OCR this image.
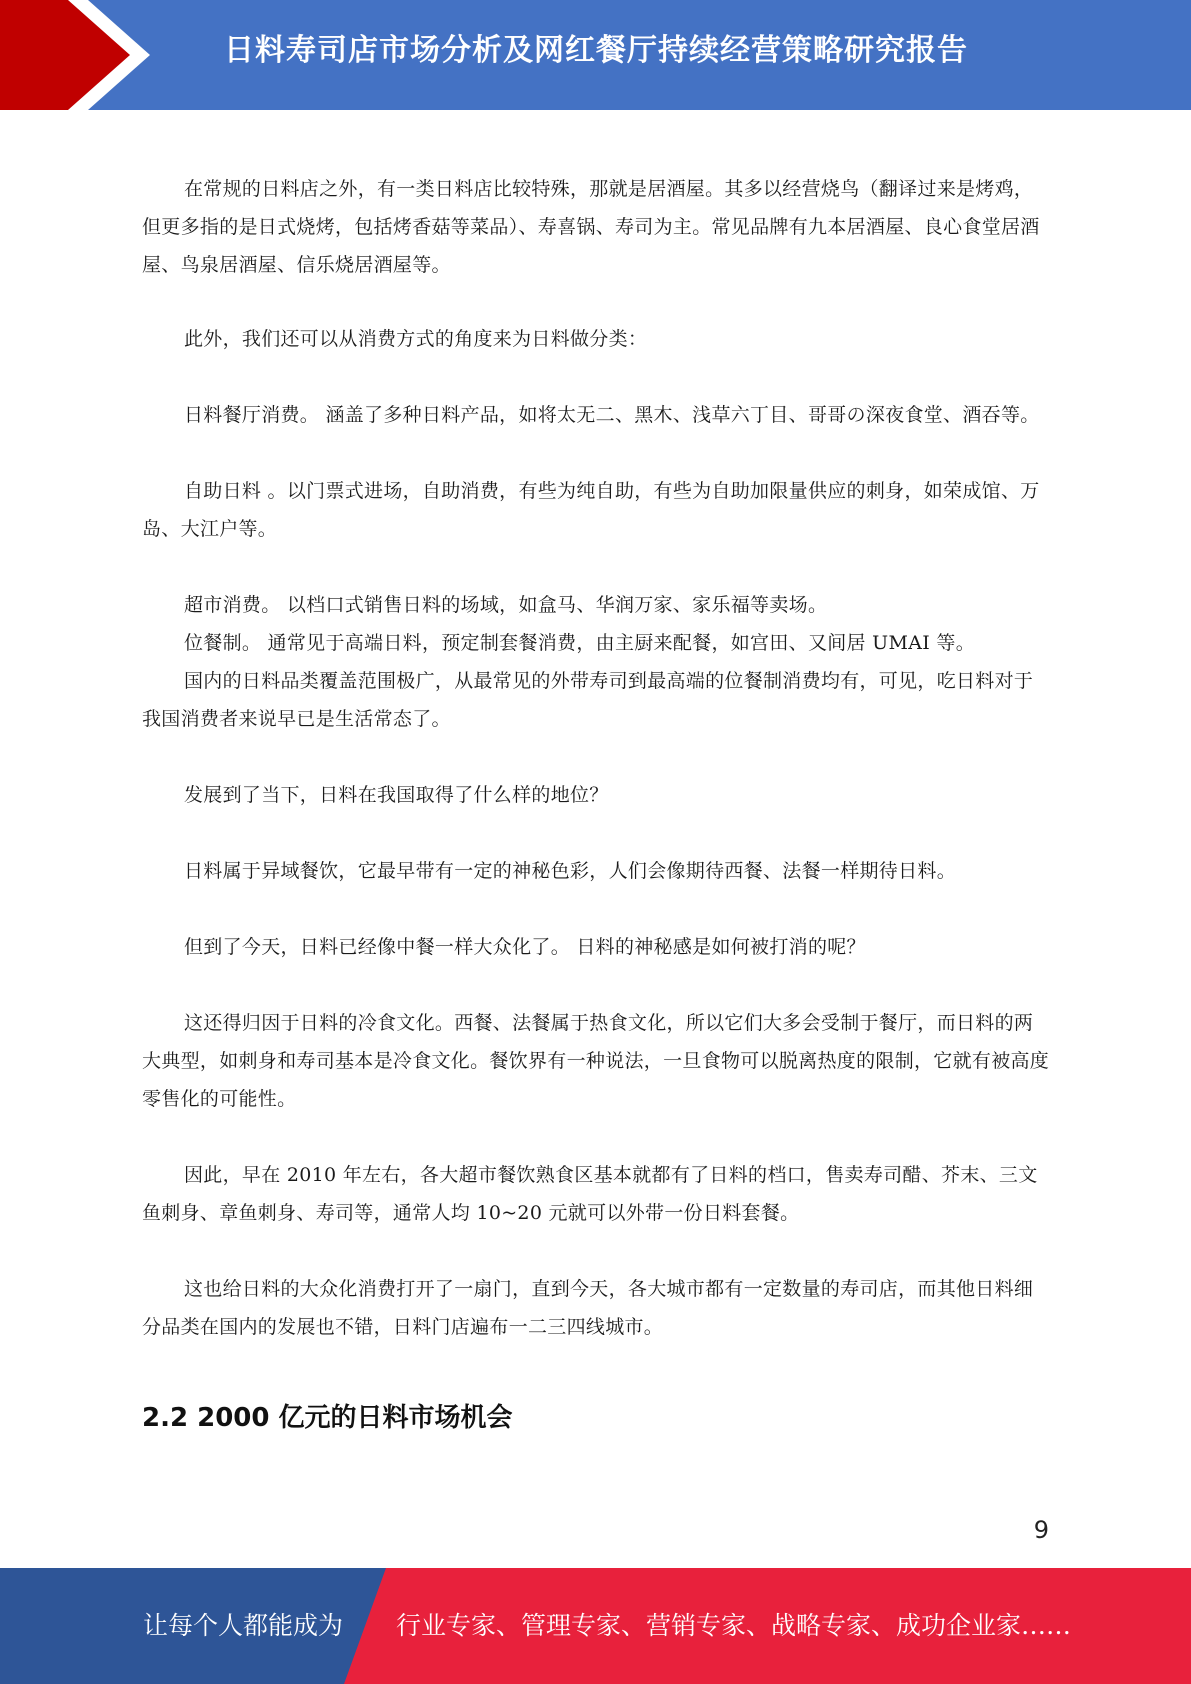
日料寿司店市场分析及网红餐厅持续经营策略研究报告

在常规的日料店之外，有一类日料店比较特殊，那就是居酒屋。其多以经营烧鸟（翻译过来是烤鸡，但更多指的是日式烧烤，包括烤香菇等菜品）、寿喜锅、寿司为主。常见品牌有九本居酒屋、良心食堂居酒屋、鸟泉居酒屋、信乐烧居酒屋等。

此外，我们还可以从消费方式的角度来为日料做分类：

日料餐厅消费。 涵盖了多种日料产品，如将太无二、黑木、浅草六丁目、哥哥の深夜食堂、酒吞等。

自助日料 。以门票式进场，自助消费，有些为纯自助，有些为自助加限量供应的刺身，如荣成馆、万岛、大江户等。

超市消费。 以档口式销售日料的场域，如盒马、华润万家、家乐福等卖场。

位餐制。 通常见于高端日料，预定制套餐消费，由主厨来配餐，如宫田、又间居 UMAI 等。

国内的日料品类覆盖范围极广，从最常见的外带寿司到最高端的位餐制消费均有，可见，吃日料对于我国消费者来说早已是生活常态了。

发展到了当下，日料在我国取得了什么样的地位？

日料属于异域餐饮，它最早带有一定的神秘色彩，人们会像期待西餐、法餐一样期待日料。

但到了今天，日料已经像中餐一样大众化了。 日料的神秘感是如何被打消的呢？

这还得归因于日料的冷食文化。西餐、法餐属于热食文化，所以它们大多会受制于餐厅，而日料的两大典型，如刺身和寿司基本是冷食文化。餐饮界有一种说法，一旦食物可以脱离热度的限制，它就有被高度零售化的可能性。

因此，早在 2010 年左右，各大超市餐饮熟食区基本就都有了日料的档口，售卖寿司醋、芥末、三文鱼刺身、章鱼刺身、寿司等，通常人均 10~20 元就可以外带一份日料套餐。

这也给日料的大众化消费打开了一扇门，直到今天，各大城市都有一定数量的寿司店，而其他日料细分品类在国内的发展也不错，日料门店遍布一二三四线城市。

2.2 2000 亿元的日料市场机会
9
让每个人都能成为 行业专家、管理专家、营销专家、战略专家、成功企业家……
